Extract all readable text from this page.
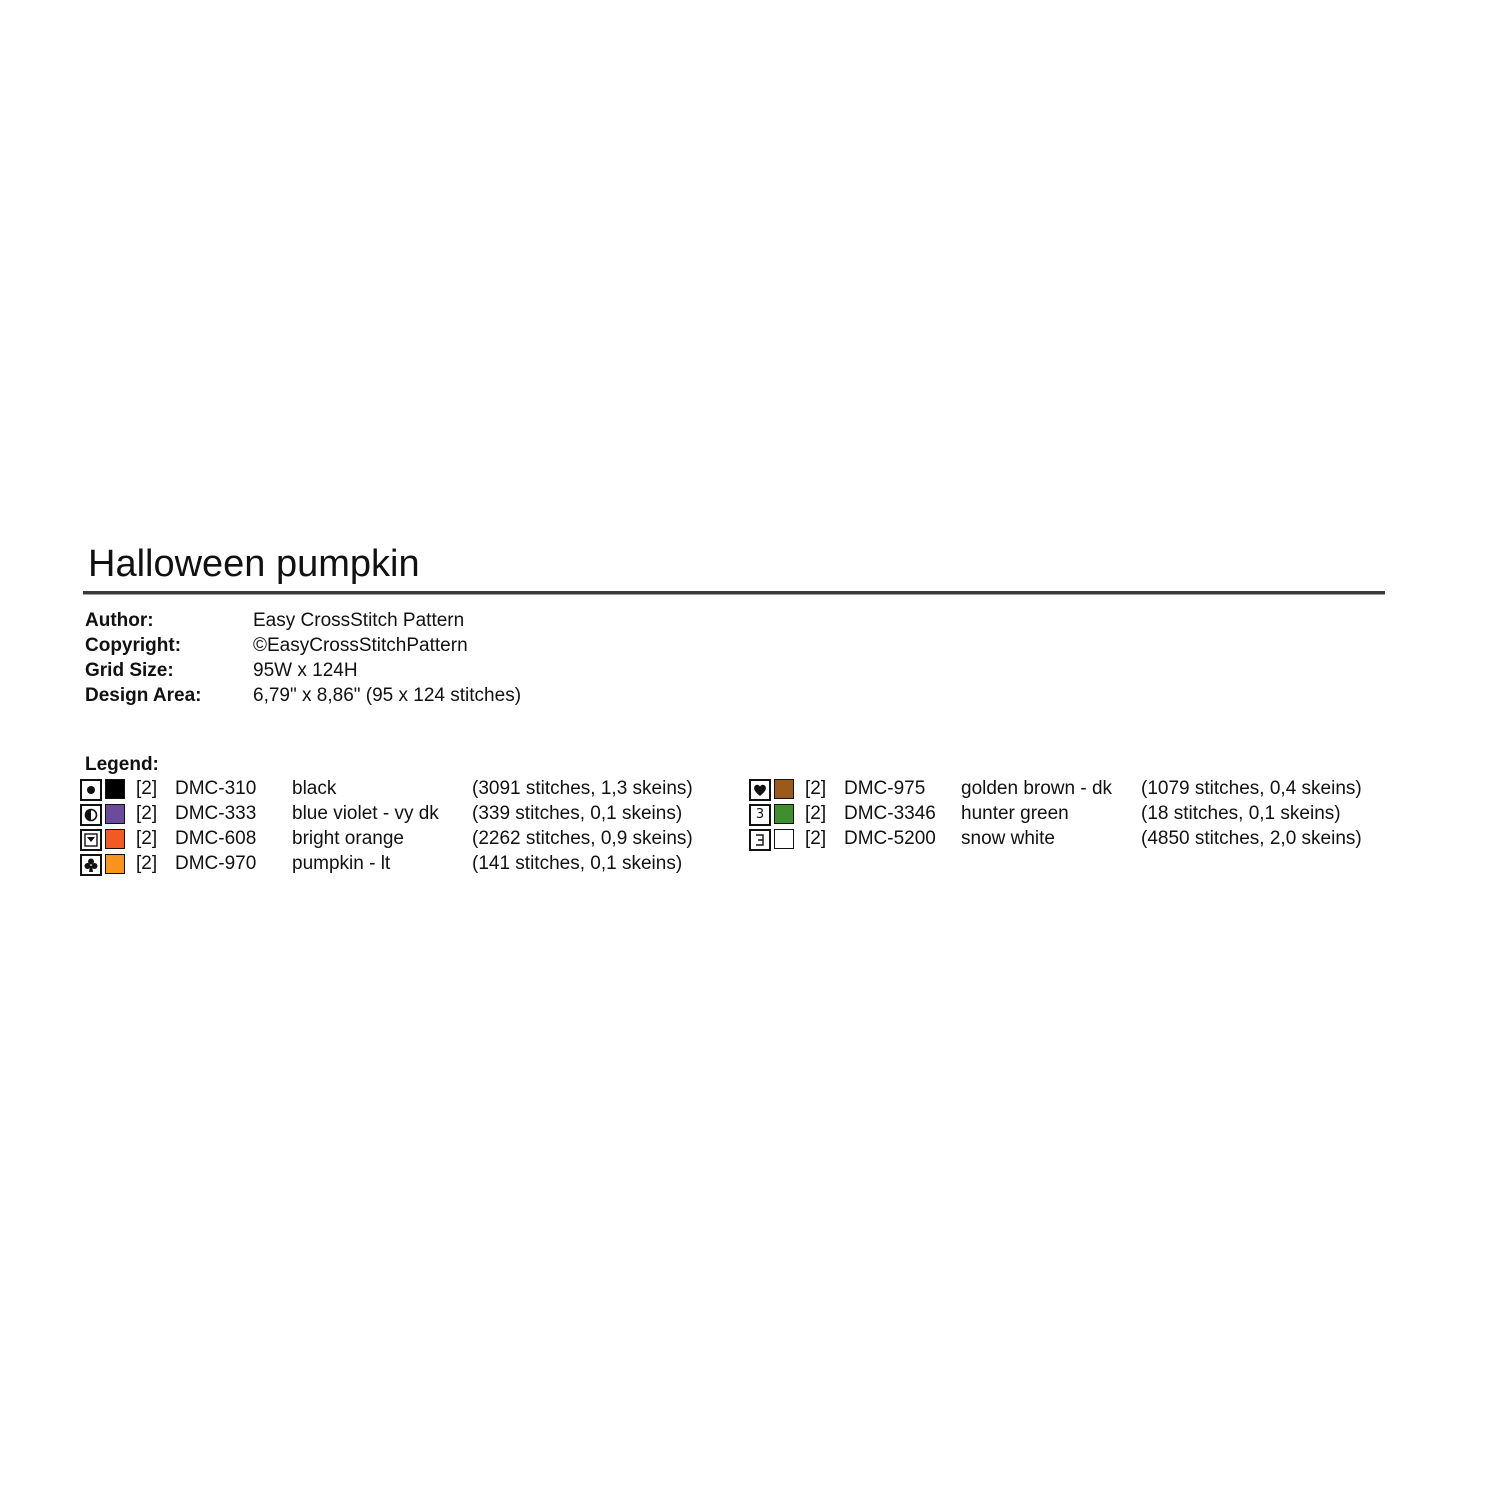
Halloween pumpkin
Author:	Easy CrossStitch Pattern
Copyright:	©EasyCrossStitchPattern
Grid Size:	95W x 124H
Design Area:	6,79" x 8,86" (95 x 124 stitches)
Legend:
[2] DMC-310 black	(3091 stitches, 1,3 skeins)
[2] DMC-333 blue violet - vy dk (339 stitches, 0,1 skeins)
[2] DMC-608 bright orange	(2262 stitches, 0,9 skeins)
[2] DMC-970 pumpkin - lt	(141 stitches, 0,1 skeins)
[2] DMC-975 golden brown - dk (1079 stitches, 0,4 skeins)
3	[2] DMC-3346 hunter green	(18 stitches, 0,1 skeins)
[2] DMC-5200 snow white	(4850 stitches, 2,0 skeins)
